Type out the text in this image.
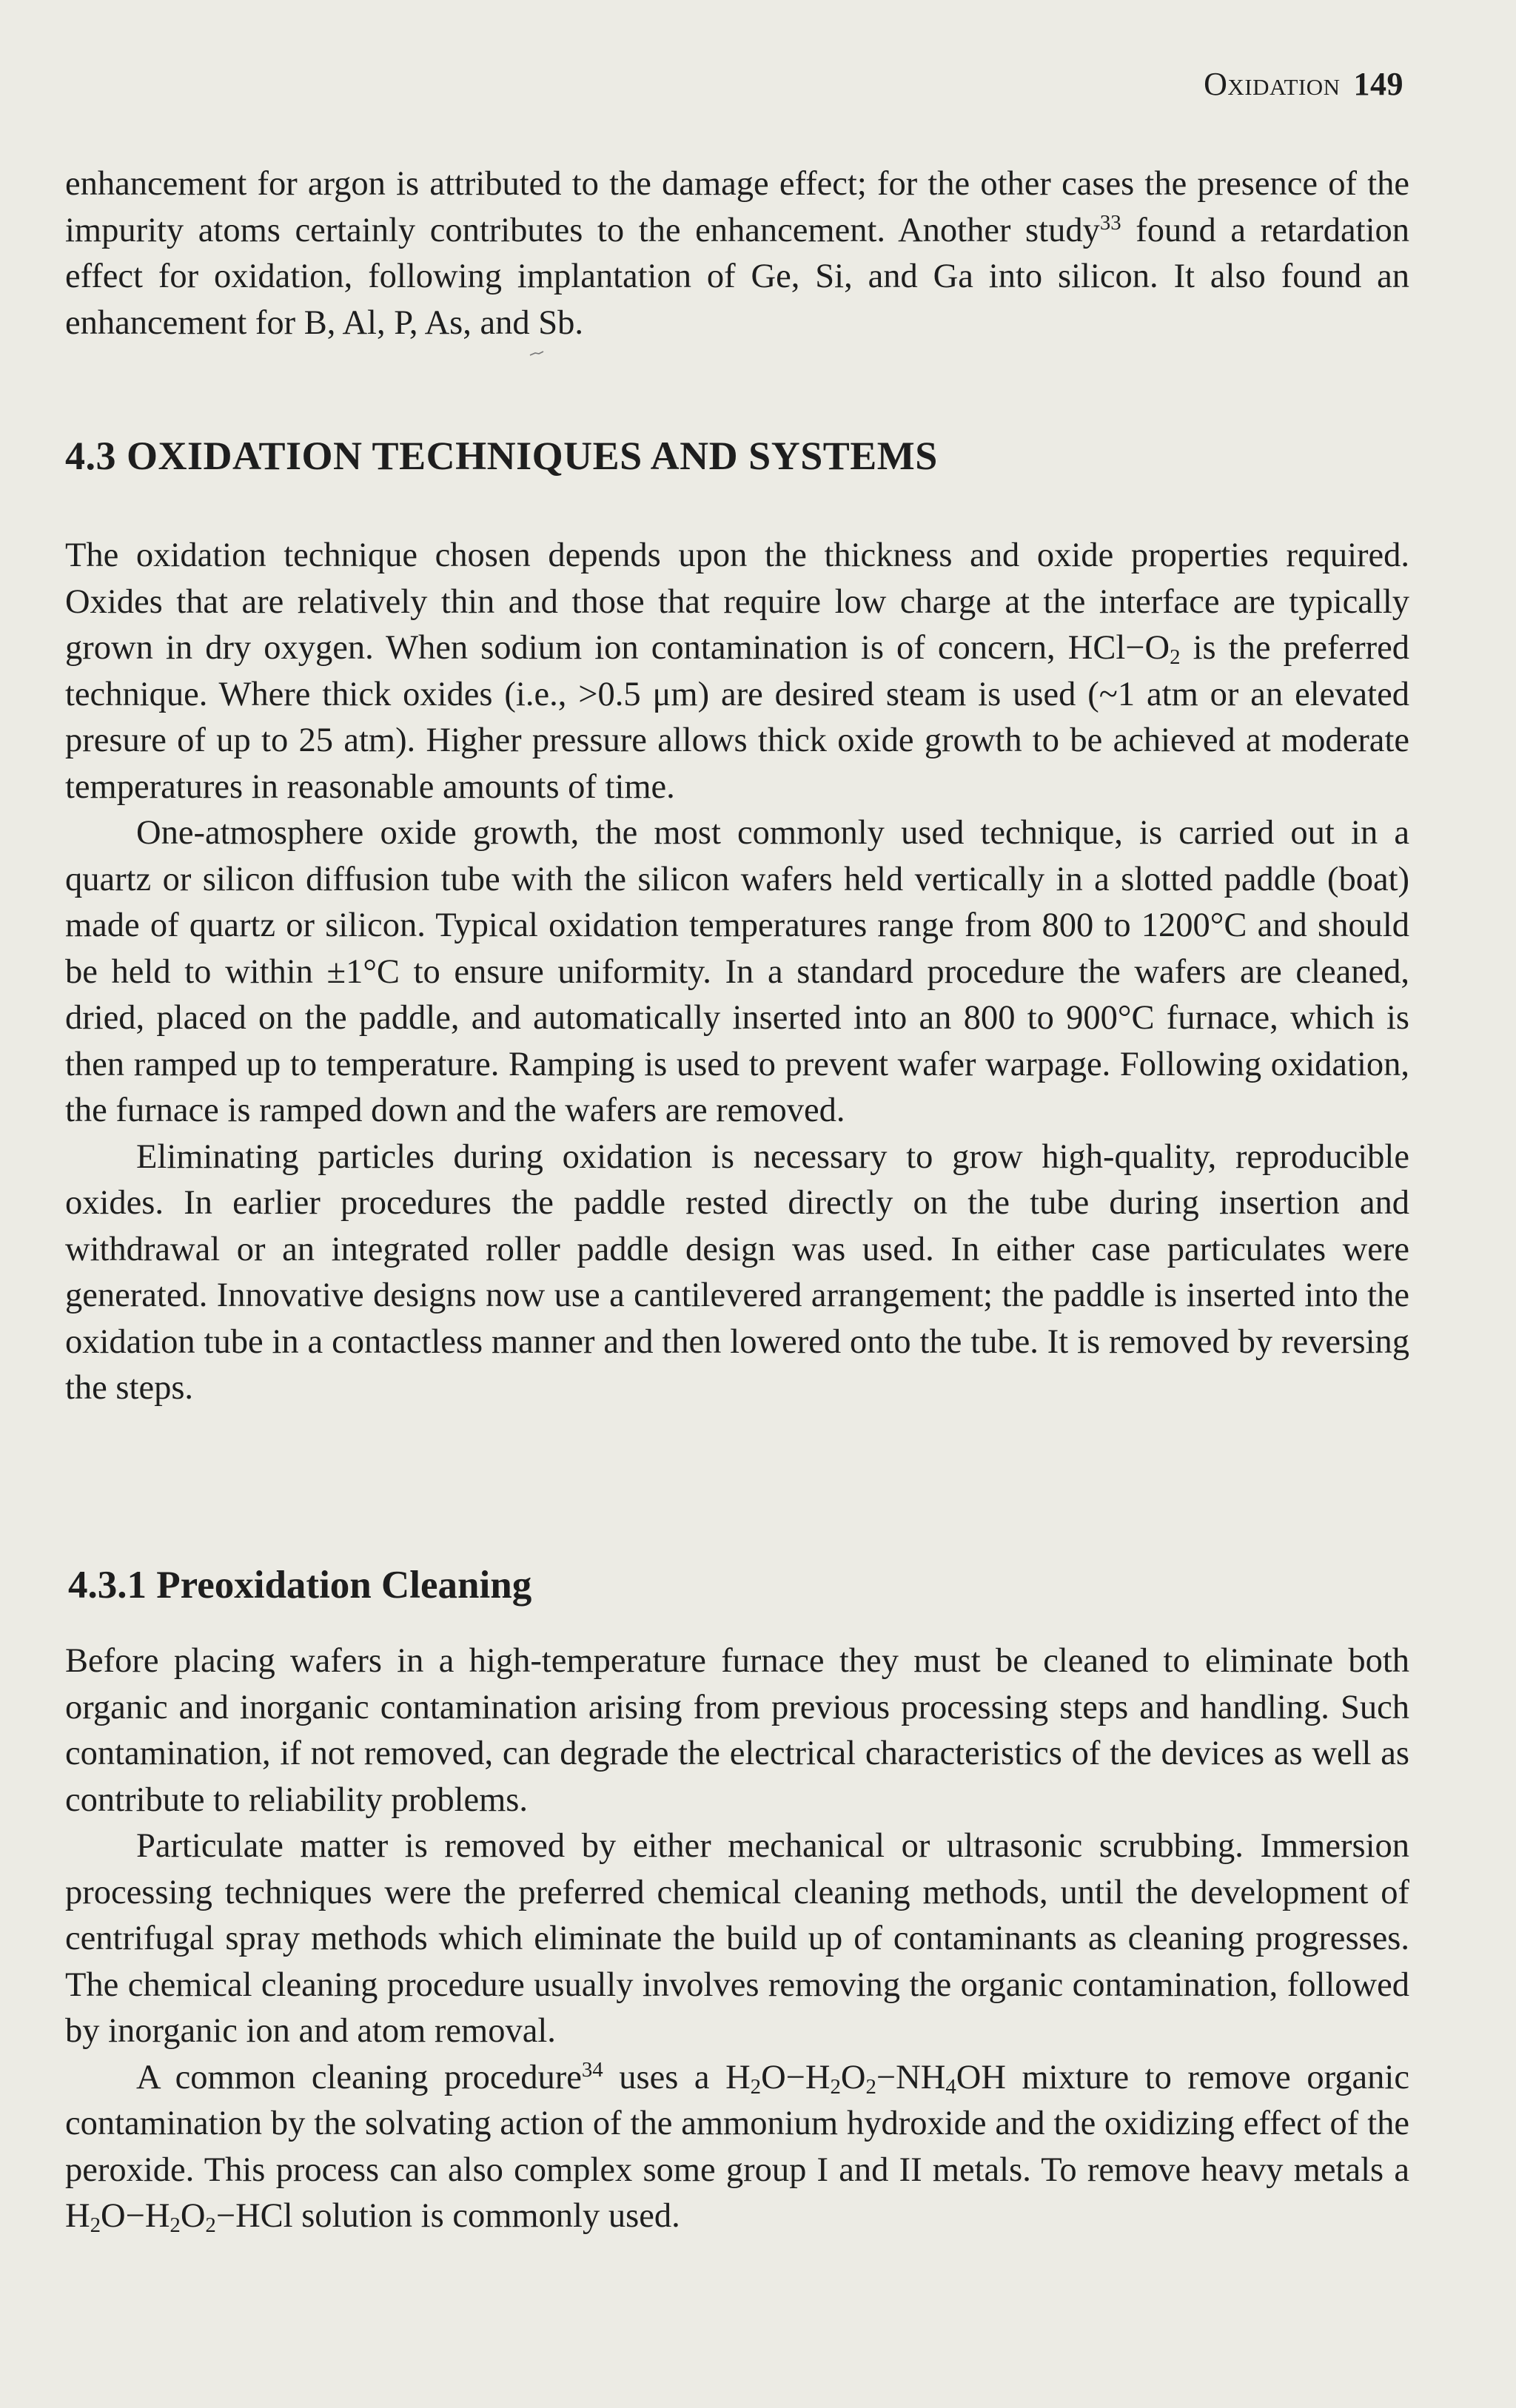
Oxidation 149

enhancement for argon is attributed to the damage effect; for the other cases the presence of the impurity atoms certainly contributes to the enhancement. Another study$^{33}$ found a retardation effect for oxidation, following implantation of Ge, Si, and Ga into silicon. It also found an enhancement for B, Al, P, As, and Sb.

4.3 OXIDATION TECHNIQUES AND SYSTEMS

The oxidation technique chosen depends upon the thickness and oxide properties required. Oxides that are relatively thin and those that require low charge at the interface are typically grown in dry oxygen. When sodium ion contamination is of concern, $HCl-O_2$ is the preferred technique. Where thick oxides (i.e., >0.5 μm) are desired steam is used (~1 atm or an elevated presure of up to 25 atm). Higher pressure allows thick oxide growth to be achieved at moderate temperatures in reasonable amounts of time.

One-atmosphere oxide growth, the most commonly used technique, is carried out in a quartz or silicon diffusion tube with the silicon wafers held vertically in a slotted paddle (boat) made of quartz or silicon. Typical oxidation temperatures range from 800 to 1200°C and should be held to within ±1°C to ensure uniformity. In a standard procedure the wafers are cleaned, dried, placed on the paddle, and automatically inserted into an 800 to 900°C furnace, which is then ramped up to temperature. Ramping is used to prevent wafer warpage. Following oxidation, the furnace is ramped down and the wafers are removed.

Eliminating particles during oxidation is necessary to grow high-quality, reproducible oxides. In earlier procedures the paddle rested directly on the tube during insertion and withdrawal or an integrated roller paddle design was used. In either case particulates were generated. Innovative designs now use a cantilevered arrangement; the paddle is inserted into the oxidation tube in a contactless manner and then lowered onto the tube. It is removed by reversing the steps.

4.3.1 Preoxidation Cleaning

Before placing wafers in a high-temperature furnace they must be cleaned to eliminate both organic and inorganic contamination arising from previous processing steps and handling. Such contamination, if not removed, can degrade the electrical characteristics of the devices as well as contribute to reliability problems.

Particulate matter is removed by either mechanical or ultrasonic scrubbing. Immersion processing techniques were the preferred chemical cleaning methods, until the development of centrifugal spray methods which eliminate the build up of contaminants as cleaning progresses. The chemical cleaning procedure usually involves removing the organic contamination, followed by inorganic ion and atom removal.

A common cleaning procedure$^{34}$ uses a $H_2O-H_2O_2-NH_4OH$ mixture to remove organic contamination by the solvating action of the ammonium hydroxide and the oxidizing effect of the peroxide. This process can also complex some group I and II metals. To remove heavy metals a $H_2O-H_2O_2-HCl$ solution is commonly used.
